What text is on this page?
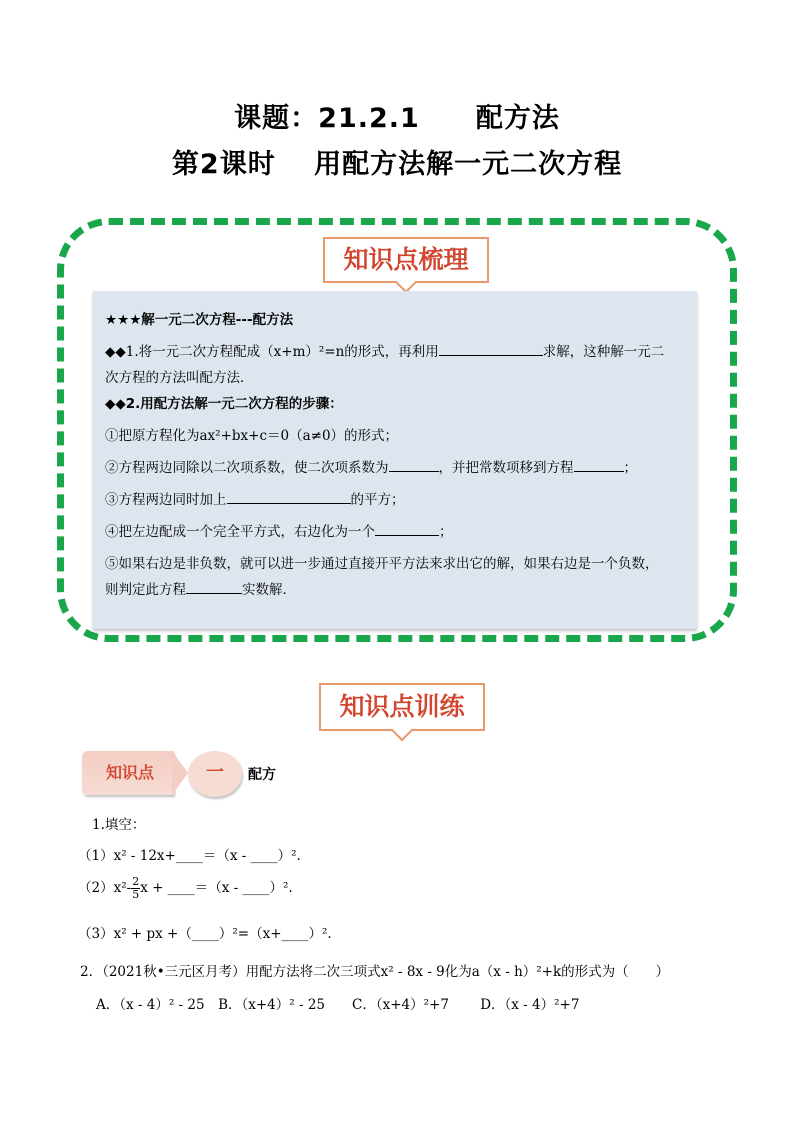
课题：21.2.1　　配方法
第2课时　 用配方法解一元二次方程
知识点梳理

★★★解一元二次方程---配方法

◆◆1.将一元二次方程配成（x+m）²=n的形式，再利用	求解，这种解一元二

次方程的方法叫配方法．

◆◆2.用配方法解一元二次方程的步骤：

①把原方程化为ax²+bx+c＝0（a≠0）的形式；

②方程两边同除以二次项系数，使二次项系数为	，并把常数项移到方程	；

③方程两边同时加上	的平方；

④把左边配成一个完全平方式，右边化为一个	；

⑤如果右边是非负数，就可以进一步通过直接开平方法来求出它的解，如果右边是一个负数，

则判定此方程	实数解．

知识点训练
知识点	一	配方
1.填空：
（1）x² - 12x+____＝（x - ____）².
$(2)x^2- \frac{2}{5}$ x + ____＝（x - ____）².
（3）x² + px +（____）²=（x+____）².
2．（2021秋•三元区月考）用配方法将二次三项式x² - 8x - 9化为a（x - h）²+k的形式为（　　）
A．（x - 4）² - 25　B．（x+4）² - 25　　C．（x+4）²+7　　 D．（x - 4）²+7
